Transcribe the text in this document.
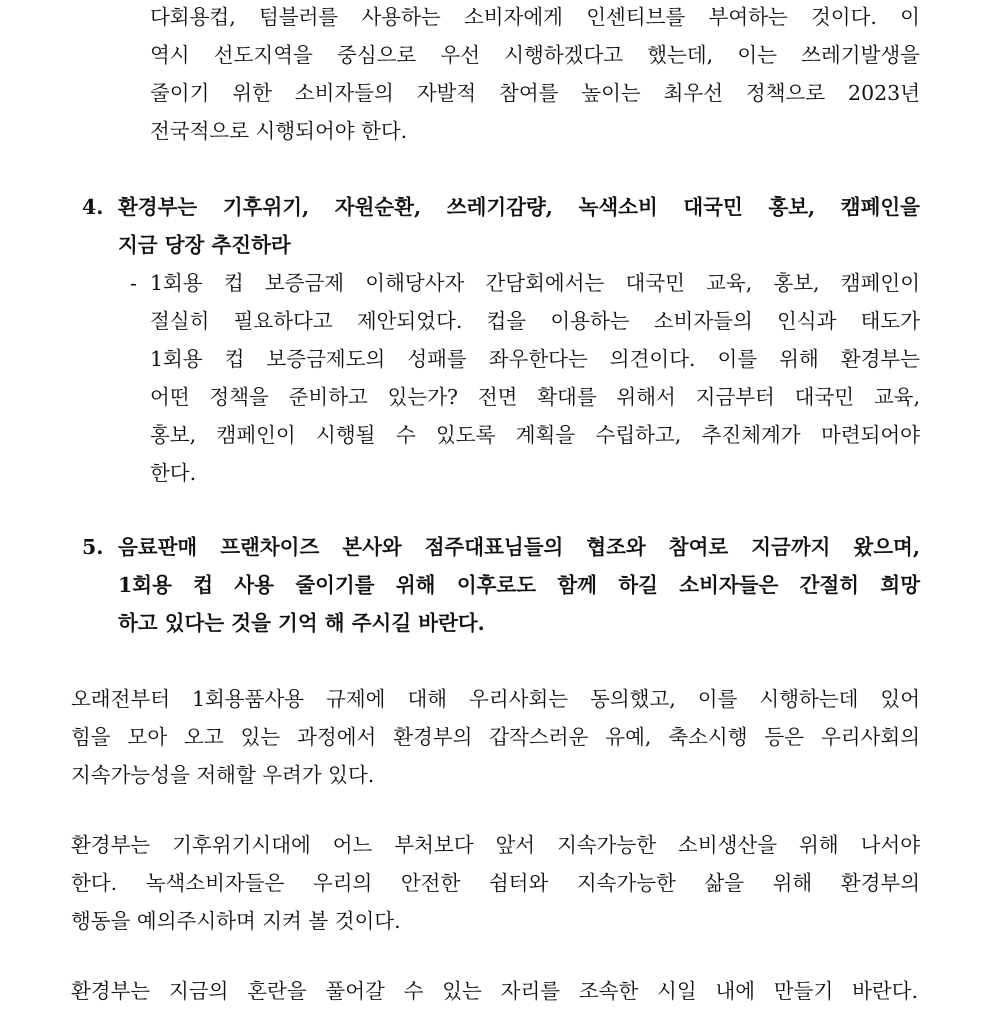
다회용컵, 텀블러를 사용하는 소비자에게 인센티브를 부여하는 것이다. 이
역시 선도지역을 중심으로 우선 시행하겠다고 했는데, 이는 쓰레기발생을
줄이기 위한 소비자들의 자발적 참여를 높이는 최우선 정책으로 2023년
전국적으로 시행되어야 한다.
4. 환경부는 기후위기, 자원순환, 쓰레기감량, 녹색소비 대국민 홍보, 캠페인을
지금 당장 추진하라
- 1회용 컵 보증금제 이해당사자 간담회에서는 대국민 교육, 홍보, 캠페인이
절실히 필요하다고 제안되었다. 컵을 이용하는 소비자들의 인식과 태도가
1회용 컵 보증금제도의 성패를 좌우한다는 의견이다. 이를 위해 환경부는
어떤 정책을 준비하고 있는가? 전면 확대를 위해서 지금부터 대국민 교육,
홍보, 캠페인이 시행될 수 있도록 계획을 수립하고, 추진체계가 마련되어야
한다.
5. 음료판매 프랜차이즈 본사와 점주대표님들의 협조와 참여로 지금까지 왔으며,
1회용 컵 사용 줄이기를 위해 이후로도 함께 하길 소비자들은 간절히 희망
하고 있다는 것을 기억 해 주시길 바란다.
오래전부터 1회용품사용 규제에 대해 우리사회는 동의했고, 이를 시행하는데 있어
힘을 모아 오고 있는 과정에서 환경부의 갑작스러운 유예, 축소시행 등은 우리사회의
지속가능성을 저해할 우려가 있다.
환경부는 기후위기시대에 어느 부처보다 앞서 지속가능한 소비생산을 위해 나서야
한다. 녹색소비자들은 우리의 안전한 쉼터와 지속가능한 삶을 위해 환경부의
행동을 예의주시하며 지켜 볼 것이다.
환경부는 지금의 혼란을 풀어갈 수 있는 자리를 조속한 시일 내에 만들기 바란다.
